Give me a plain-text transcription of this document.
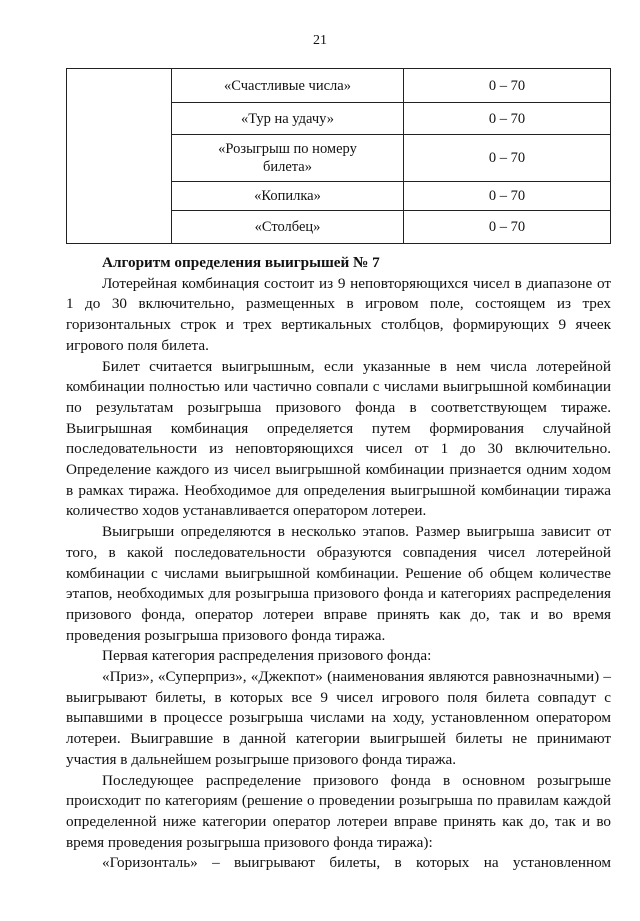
21
	«Счастливые числа»	0 – 70
	«Тур на удачу»	0 – 70

	«Розыгрыш по номеру билета»	0 – 70
	«Копилка»	0 – 70
	«Столбец»	0 – 70
Алгоритм определения выигрышей № 7

Лотерейная комбинация состоит из 9 неповторяющихся чисел в диапазоне от 1 до 30 включительно, размещенных в игровом поле, состоящем из трех горизонтальных строк и трех вертикальных столбцов, формирующих 9 ячеек игрового поля билета.

Билет считается выигрышным, если указанные в нем числа лотерейной комбинации полностью или частично совпали с числами выигрышной комбинации по результатам розыгрыша призового фонда в соответствующем тираже. Выигрышная комбинация определяется путем формирования случайной последовательности из неповторяющихся чисел от 1 до 30 включительно. Определение каждого из чисел выигрышной комбинации признается одним ходом в рамках тиража. Необходимое для определения выигрышной комбинации тиража количество ходов устанавливается оператором лотереи.

Выигрыши определяются в несколько этапов. Размер выигрыша зависит от того, в какой последовательности образуются совпадения чисел лотерейной комбинации с числами выигрышной комбинации. Решение об общем количестве этапов, необходимых для розыгрыша призового фонда и категориях распределения призового фонда, оператор лотереи вправе принять как до, так и во время проведения розыгрыша призового фонда тиража.

Первая категория распределения призового фонда:

«Приз», «Суперприз», «Джекпот» (наименования являются равнозначными) – выигрывают билеты, в которых все 9 чисел игрового поля билета совпадут с выпавшими в процессе розыгрыша числами на ходу, установленном оператором лотереи. Выигравшие в данной категории выигрышей билеты не принимают участия в дальнейшем розыгрыше призового фонда тиража.

Последующее распределение призового фонда в основном розыгрыше происходит по категориям (решение о проведении розыгрыша по правилам каждой определенной ниже категории оператор лотереи вправе принять как до, так и во время проведения розыгрыша призового фонда тиража):

«Горизонталь» – выигрывают билеты, в которых на установленном
